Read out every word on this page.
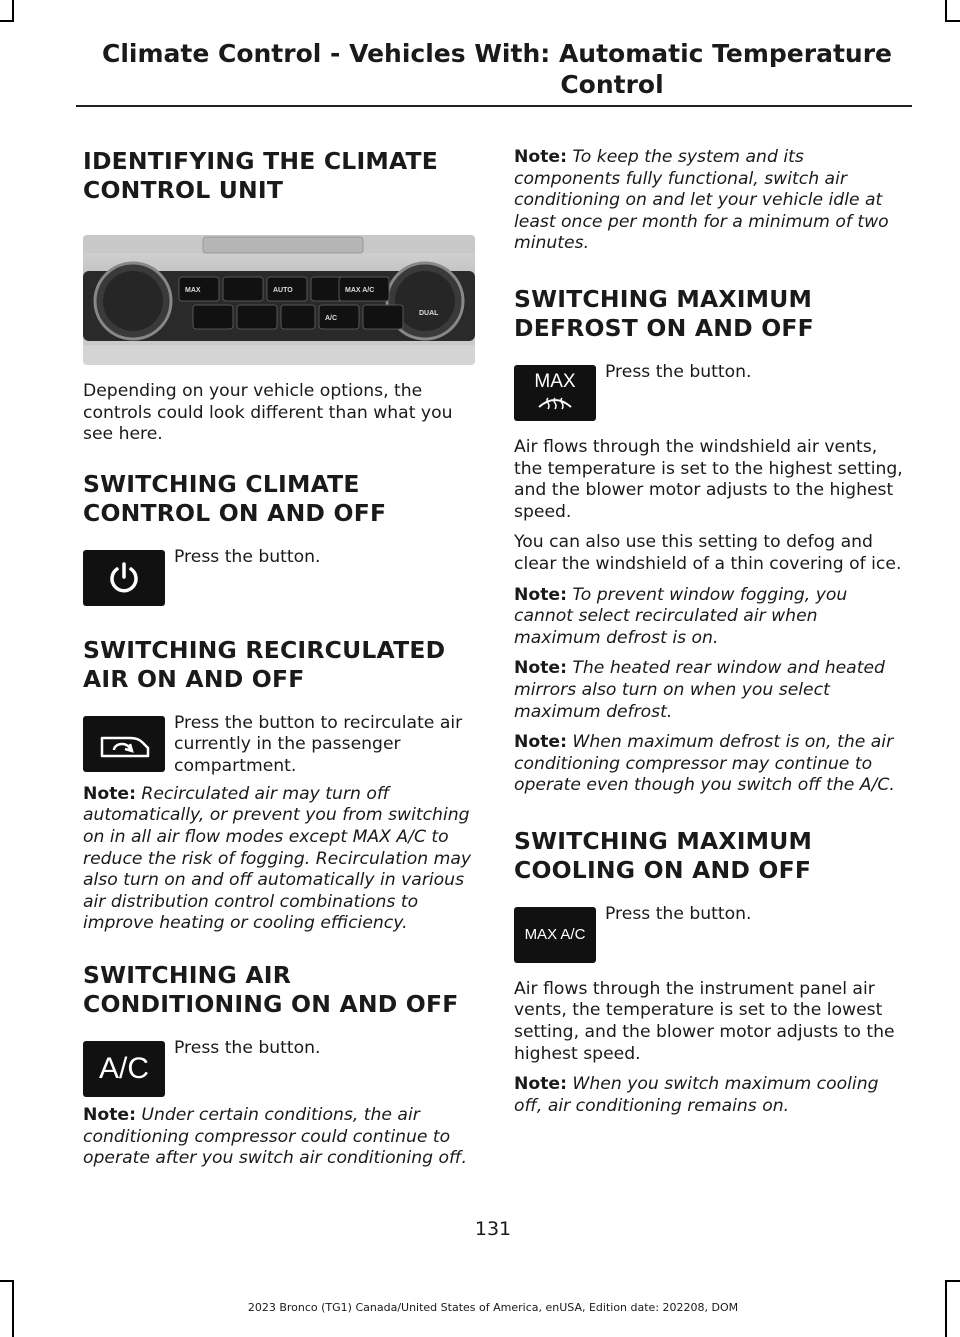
Climate Control - Vehicles With: Automatic Temperature
Control
IDENTIFYING THE CLIMATE
CONTROL UNIT
MAX	AUTO	MAX A/C
A/C
DUAL

Depending on your vehicle options, the controls could look different than what you see here.

SWITCHING CLIMATE
CONTROL ON AND OFF

Press the button.

SWITCHING RECIRCULATED
AIR ON AND OFF

Press the button to recirculate air currently in the passenger compartment.

Note: Recirculated air may turn off automatically, or prevent you from switching on in all air flow modes except MAX A/C to reduce the risk of fogging. Recirculation may also turn on and off automatically in various air distribution control combinations to improve heating or cooling efficiency.

SWITCHING AIR
CONDITIONING ON AND OFF
A/C

Press the button.

Note: Under certain conditions, the air conditioning compressor could continue to operate after you switch air conditioning off.

Note: To keep the system and its components fully functional, switch air conditioning on and let your vehicle idle at least once per month for a minimum of two minutes.

SWITCHING MAXIMUM
DEFROST ON AND OFF
MAX Press the button.

Air flows through the windshield air vents, the temperature is set to the highest setting, and the blower motor adjusts to the highest speed.

You can also use this setting to defog and clear the windshield of a thin covering of ice.

Note: To prevent window fogging, you cannot select recirculated air when maximum defrost is on.

Note: The heated rear window and heated mirrors also turn on when you select maximum defrost.

Note: When maximum defrost is on, the air conditioning compressor may continue to operate even though you switch off the A/C.

SWITCHING MAXIMUM
COOLING ON AND OFF
MAX A/C

Press the button.

Air flows through the instrument panel air vents, the temperature is set to the lowest setting, and the blower motor adjusts to the highest speed.

Note: When you switch maximum cooling off, air conditioning remains on.

131
2023 Bronco (TG1) Canada/United States of America, enUSA, Edition date: 202208, DOM
